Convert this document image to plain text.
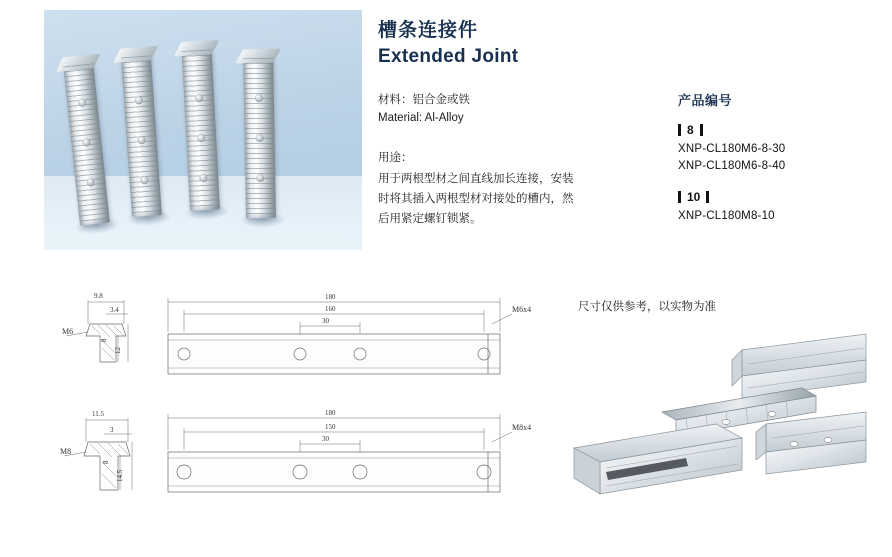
槽条连接件
Extended Joint
材料：铝合金或铁
Material: Al-Alloy
用途：
用于两根型材之间直线加长连接，安装
时将其插入两根型材对接处的槽内，然
后用紧定螺钉锁紧。
产品编号
8
XNP-CL180M6-8-30
XNP-CL180M6-8-40
10
XNP-CL180M8-10
尺寸仅供参考，以实物为准
9.8
3.4
M6
8
12
180
160
30
M6x4
11.5
3
M8
8
14.5
180
150
30
M8x4
